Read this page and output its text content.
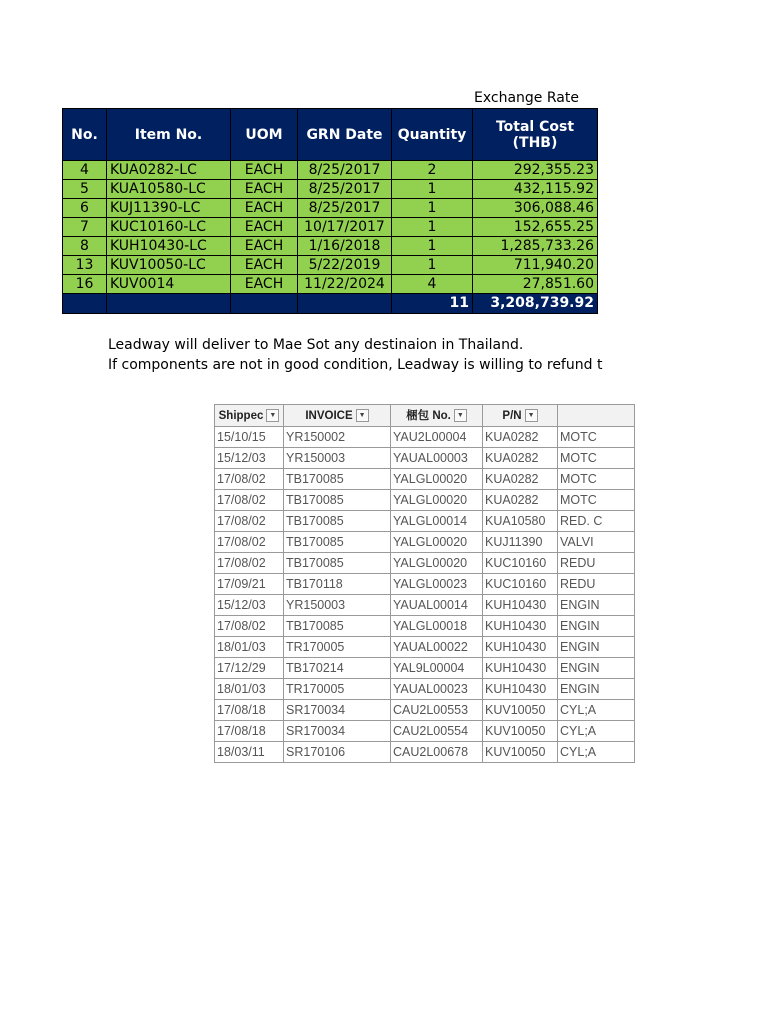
Exchange Rate
No.	Item No.	UOM	GRN Date	Quantity	Total Cost
(THB)

4	KUA0282-LC	EACH	8/25/2017	2	292,355.23
5	KUA10580-LC	EACH	8/25/2017	1	432,115.92
6	KUJ11390-LC	EACH	8/25/2017	1	306,088.46
7	KUC10160-LC	EACH	10/17/2017	1	152,655.25
8	KUH10430-LC	EACH	1/16/2018	1	1,285,733.26
13	KUV10050-LC	EACH	5/22/2019	1	711,940.20
16	KUV0014	EACH	11/22/2024	4	27,851.60
				11	3,208,739.92
Leadway will deliver to Mae Sot any destinaion in Thailand.
If components are not in good condition, Leadway is willing to refund t
Shippec ▼	INVOICE ▼	梱包 No. ▼	P/N ▼	
15/10/15	YR150002	YAU2L00004	KUA0282	MOTC
15/12/03	YR150003	YAUAL00003	KUA0282	MOTC
17/08/02	TB170085	YALGL00020	KUA0282	MOTC
17/08/02	TB170085	YALGL00020	KUA0282	MOTC
17/08/02	TB170085	YALGL00014	KUA10580	RED. C
17/08/02	TB170085	YALGL00020	KUJ11390	VALVI
17/08/02	TB170085	YALGL00020	KUC10160	REDU
17/09/21	TB170118	YALGL00023	KUC10160	REDU
15/12/03	YR150003	YAUAL00014	KUH10430	ENGIN
17/08/02	TB170085	YALGL00018	KUH10430	ENGIN
18/01/03	TR170005	YAUAL00022	KUH10430	ENGIN
17/12/29	TB170214	YAL9L00004	KUH10430	ENGIN
18/01/03	TR170005	YAUAL00023	KUH10430	ENGIN
17/08/18	SR170034	CAU2L00553	KUV10050	CYL;A
17/08/18	SR170034	CAU2L00554	KUV10050	CYL;A
18/03/11	SR170106	CAU2L00678	KUV10050	CYL;A
